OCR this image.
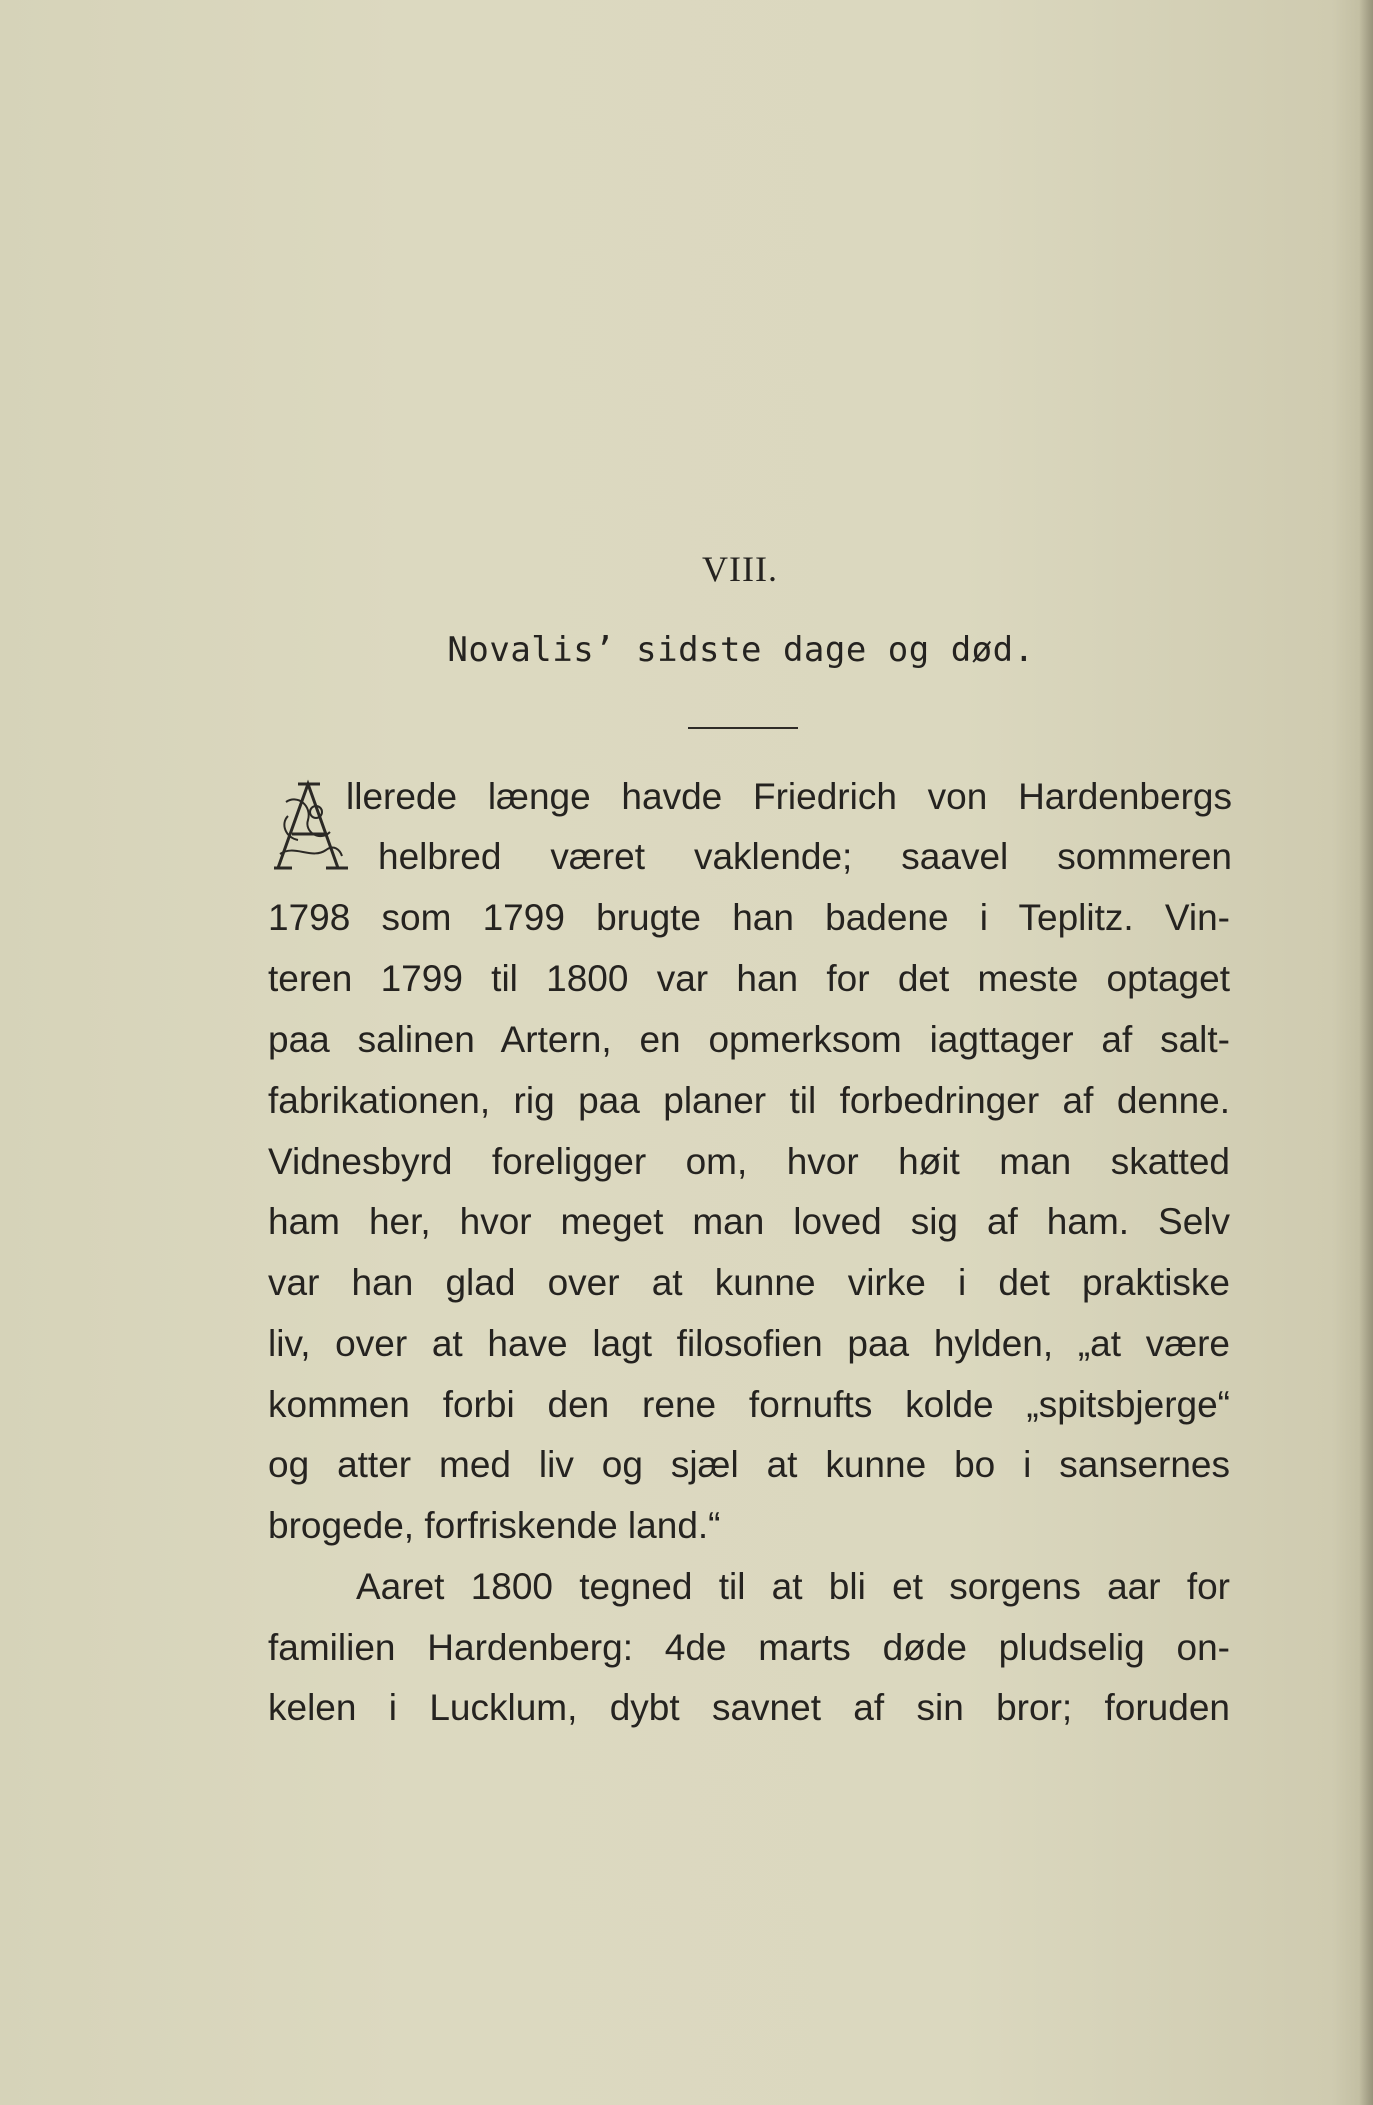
VIII.
Novalis’ sidste dage og død.
llerede længe havde Friedrich von Hardenbergs
helbred været vaklende; saavel sommeren
1798 som 1799 brugte han badene i Teplitz. Vin-
teren 1799 til 1800 var han for det meste optaget
paa salinen Artern, en opmerksom iagttager af salt-
fabrikationen, rig paa planer til forbedringer af denne.
Vidnesbyrd foreligger om, hvor høit man skatted
ham her, hvor meget man loved sig af ham. Selv
var han glad over at kunne virke i det praktiske
liv, over at have lagt filosofien paa hylden, „at være
kommen forbi den rene fornufts kolde „spitsbjerge“
og atter med liv og sjæl at kunne bo i sansernes
brogede, forfriskende land.“
Aaret 1800 tegned til at bli et sorgens aar for
familien Hardenberg: 4de marts døde pludselig on-
kelen i Lucklum, dybt savnet af sin bror; foruden
